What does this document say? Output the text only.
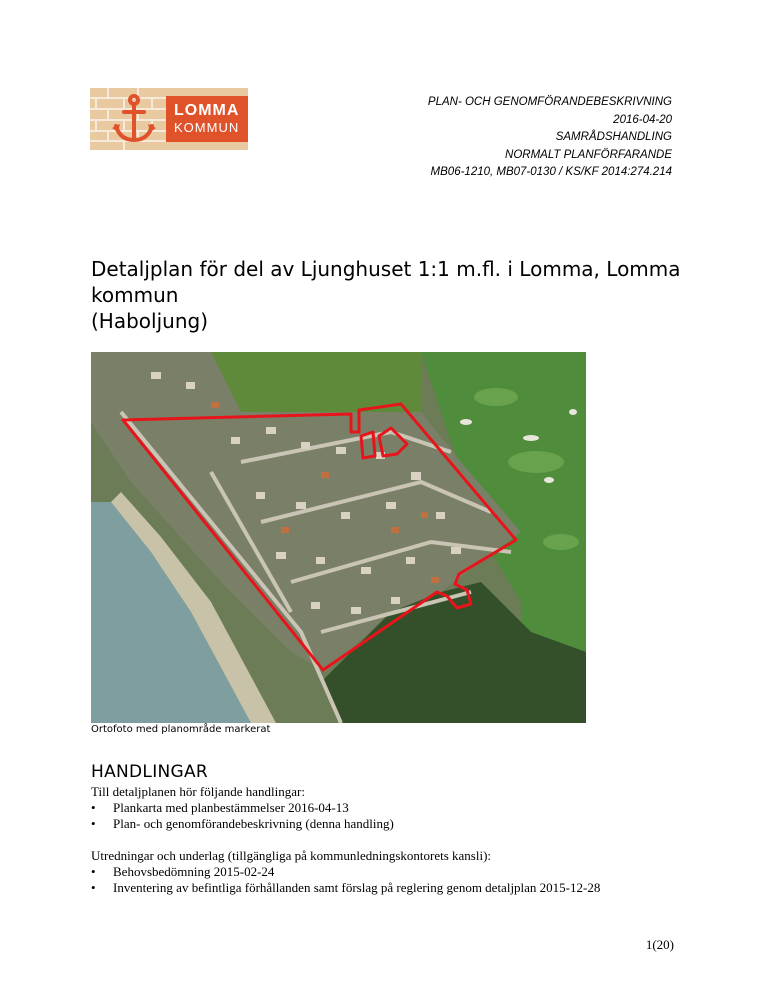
LOMMA
KOMMUN
PLAN- OCH GENOMFÖRANDEBESKRIVNING
2016-04-20
SAMRÅDSHANDLING
NORMALT PLANFÖRFARANDE
MB06-1210, MB07-0130 / KS/KF 2014:274.214
Detaljplan för del av Ljunghuset 1:1 m.fl. i Lomma, Lomma
kommun
(Haboljung)
Ortofoto med planområde markerat
HANDLINGAR
Till detaljplanen hör följande handlingar:
• Plankarta med planbestämmelser 2016-04-13
• Plan- och genomförandebeskrivning (denna handling)
Utredningar och underlag (tillgängliga på kommunledningskontorets kansli):
• Behovsbedömning 2015-02-24
• Inventering av befintliga förhållanden samt förslag på reglering genom detaljplan 2015-12-28
1(20)
